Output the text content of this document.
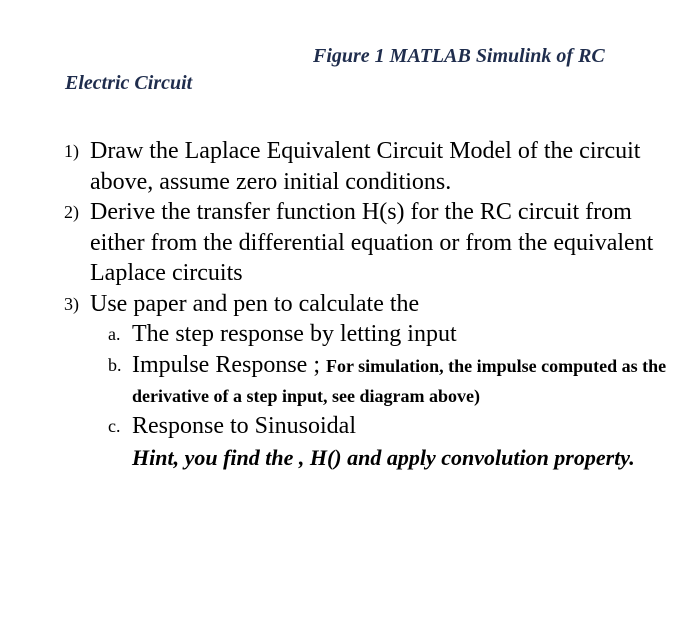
Figure 1 MATLAB Simulink of RC
Electric Circuit
1) Draw the Laplace Equivalent Circuit Model of the circuit above, assume zero initial conditions.
2) Derive the transfer function H(s) for the RC circuit from either from the differential equation or from the equivalent Laplace circuits
3) Use paper and pen to calculate the
a. The step response by letting input
b. Impulse Response ; For simulation, the impulse computed as the derivative of a step input, see diagram above)
c. Response to Sinusoidal
Hint, you find the , H() and apply convolution property.
